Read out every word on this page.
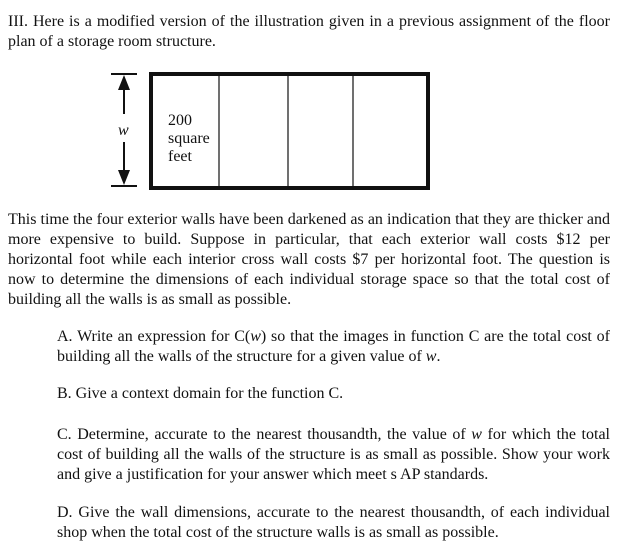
III. Here is a modified version of the illustration given in a previous assignment of the floor plan of a storage room structure.

w
200
square
feet

This time the four exterior walls have been darkened as an indication that they are thicker and more expensive to build. Suppose in particular, that each exterior wall costs $12 per horizontal foot while each interior cross wall costs $7 per horizontal foot. The question is now to determine the dimensions of each individual storage space so that the total cost of building all the walls is as small as possible.

A. Write an expression for C(w) so that the images in function C are the total cost of building all the walls of the structure for a given value of w.

B. Give a context domain for the function C.

C. Determine, accurate to the nearest thousandth, the value of w for which the total cost of building all the walls of the structure is as small as possible. Show your work and give a justification for your answer which meet s AP standards.

D. Give the wall dimensions, accurate to the nearest thousandth, of each individual shop when the total cost of the structure walls is as small as possible.
